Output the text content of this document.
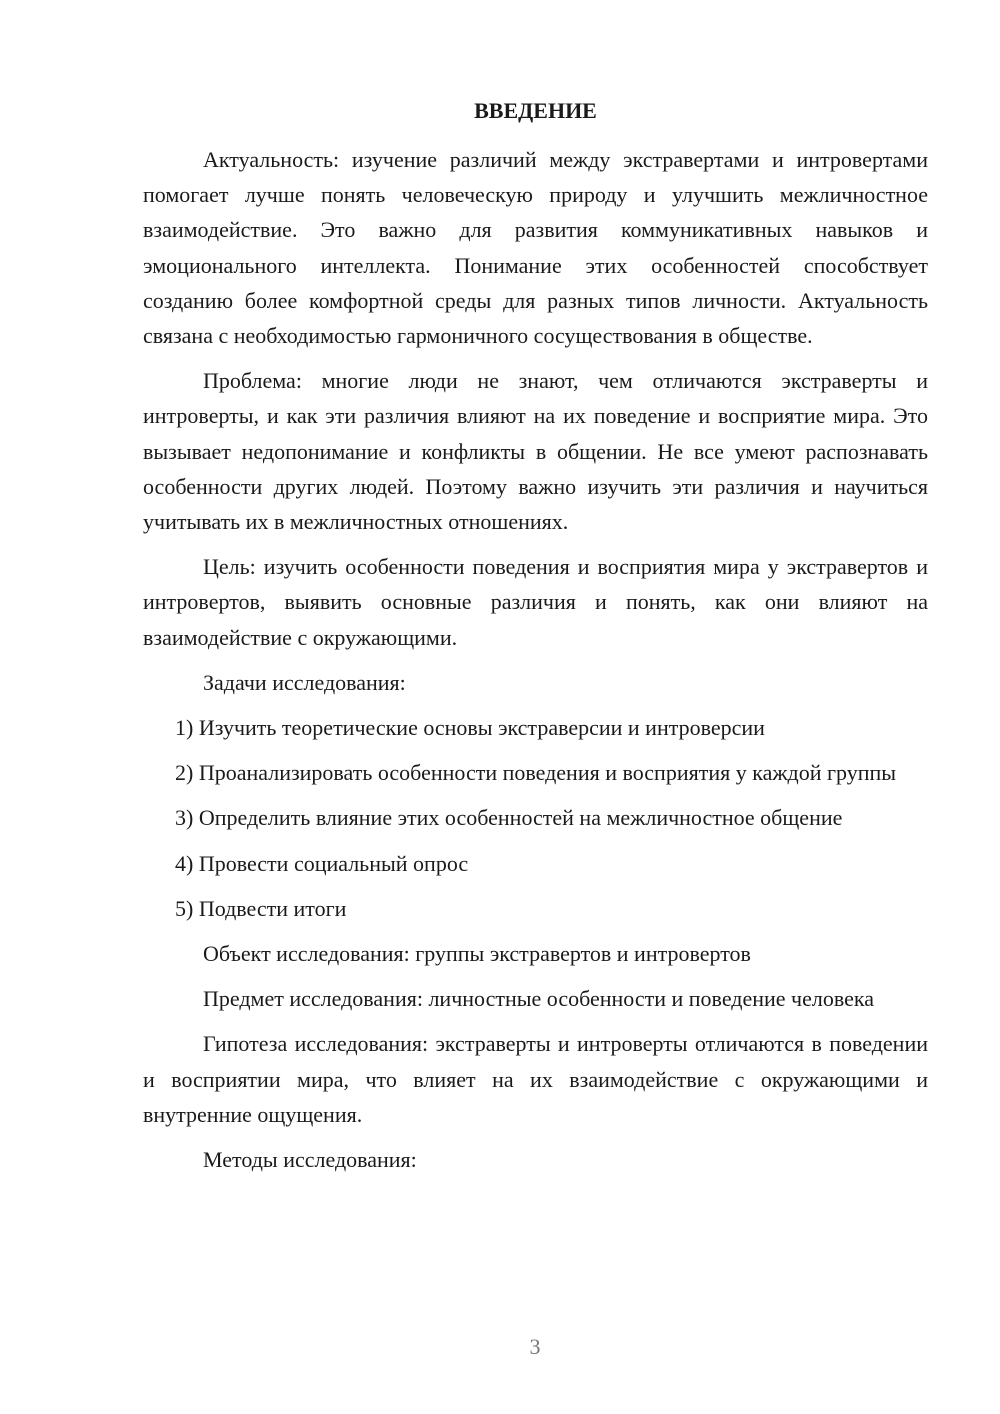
ВВЕДЕНИЕ

Актуальность: изучение различий между экстравертами и интровертами помогает лучше понять человеческую природу и улучшить межличностное взаимодействие. Это важно для развития коммуникативных навыков и эмоционального интеллекта. Понимание этих особенностей способствует созданию более комфортной среды для разных типов личности. Актуальность связана с необходимостью гармоничного сосуществования в обществе.

Проблема: многие люди не знают, чем отличаются экстраверты и интроверты, и как эти различия влияют на их поведение и восприятие мира. Это вызывает недопонимание и конфликты в общении. Не все умеют распознавать особенности других людей. Поэтому важно изучить эти различия и научиться учитывать их в межличностных отношениях.

Цель: изучить особенности поведения и восприятия мира у экстравертов и интровертов, выявить основные различия и понять, как они влияют на взаимодействие с окружающими.

Задачи исследования:

1) Изучить теоретические основы экстраверсии и интроверсии

2) Проанализировать особенности поведения и восприятия у каждой группы

3) Определить влияние этих особенностей на межличностное общение

4) Провести социальный опрос

5) Подвести итоги

Объект исследования: группы экстравертов и интровертов

Предмет исследования: личностные особенности и поведение человека

Гипотеза исследования: экстраверты и интроверты отличаются в поведении и восприятии мира, что влияет на их взаимодействие с окружающими и внутренние ощущения.

Методы исследования:

3
